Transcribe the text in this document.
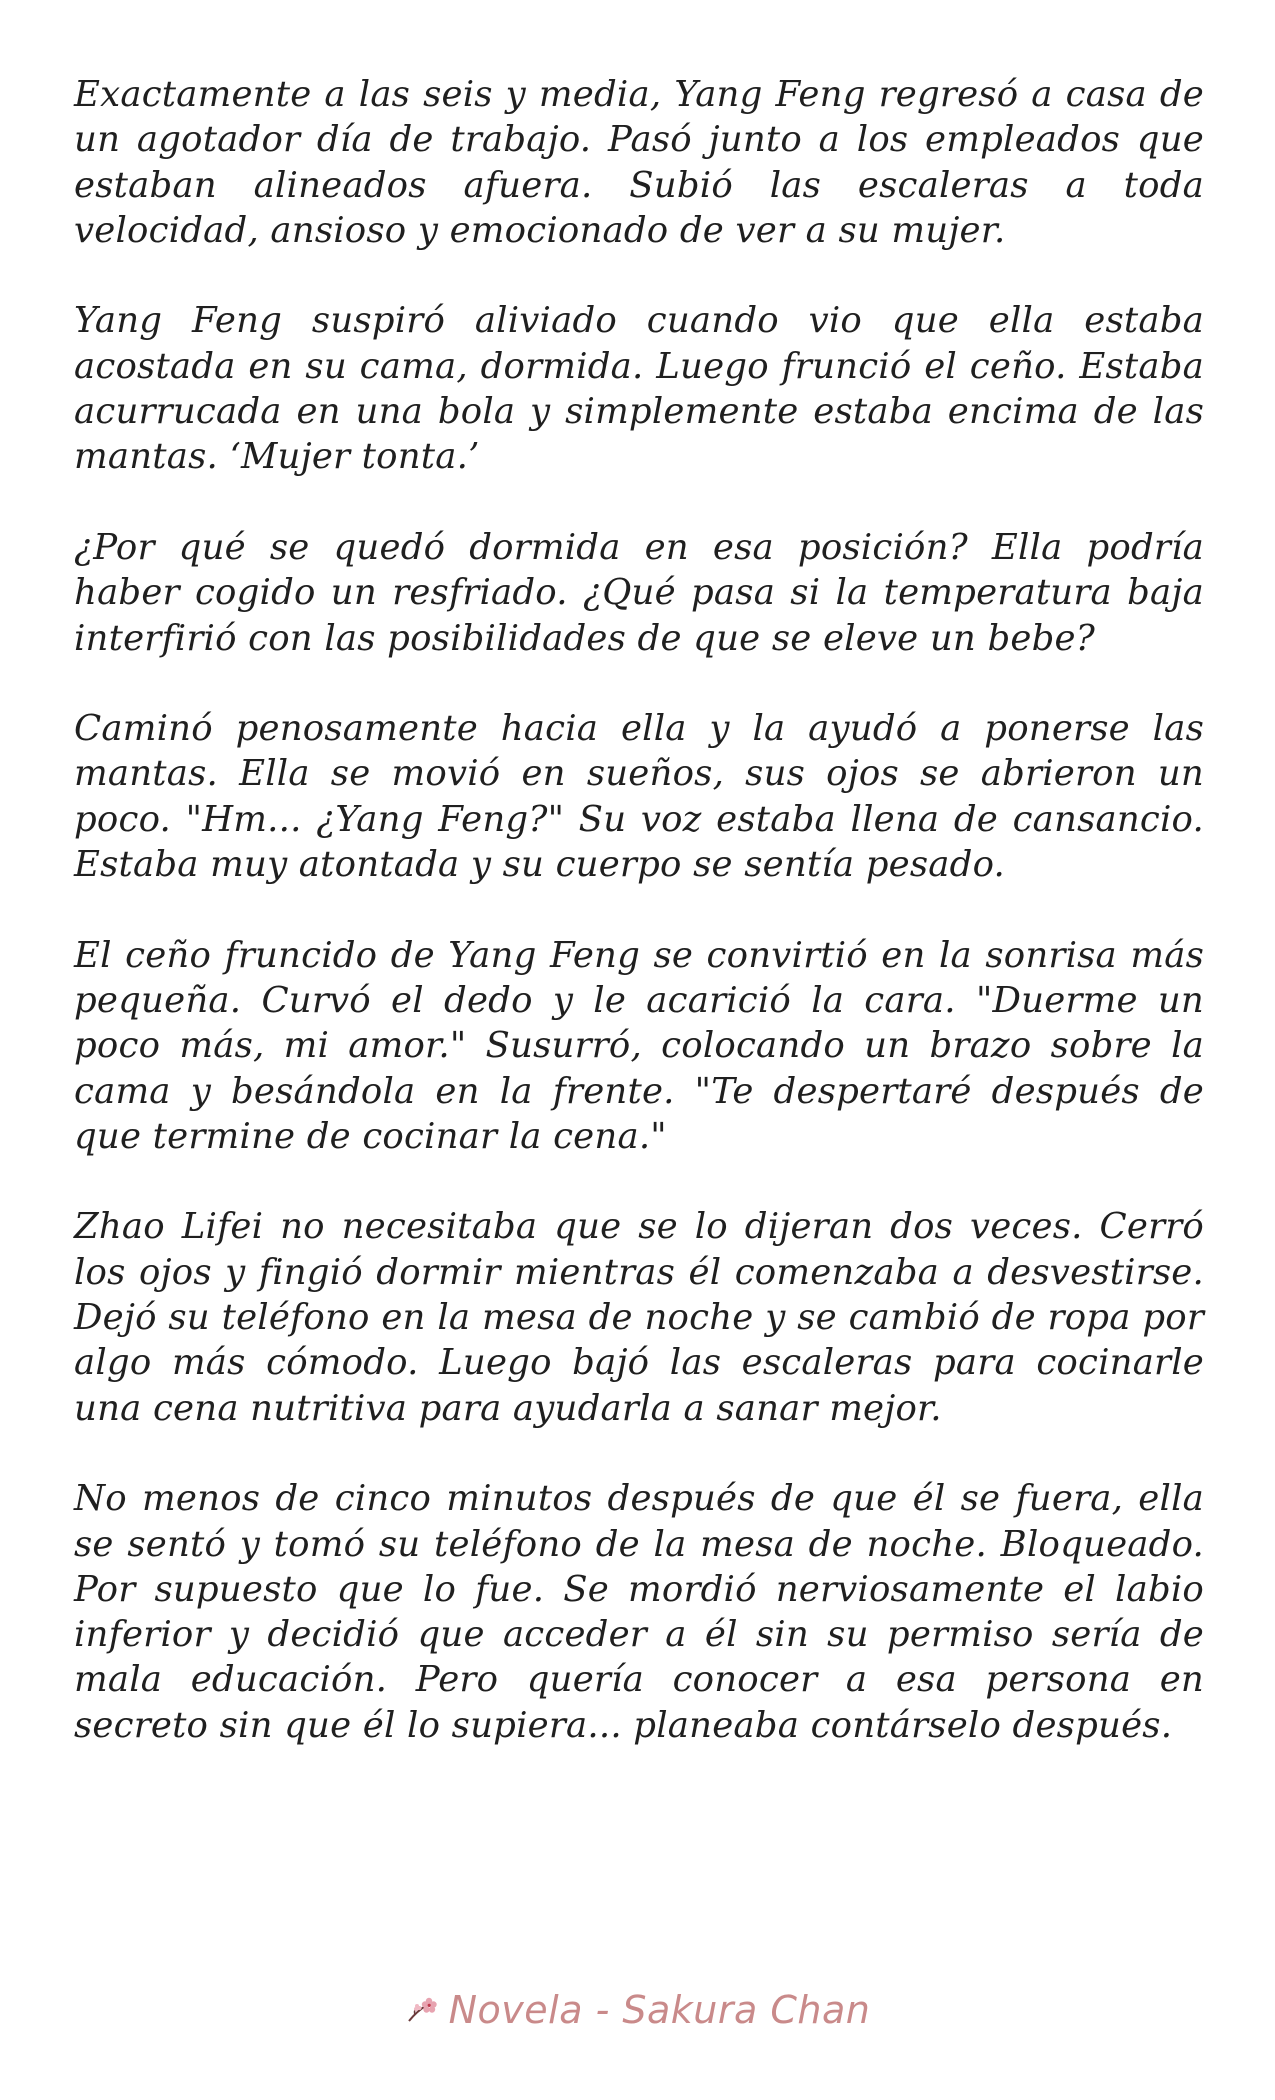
Exactamente a las seis y media, Yang Feng regresó a casa de un agotador día de trabajo. Pasó junto a los empleados que estaban alineados afuera. Subió las escaleras a toda velocidad, ansioso y emocionado de ver a su mujer.

Yang Feng suspiró aliviado cuando vio que ella estaba acostada en su cama, dormida. Luego frunció el ceño. Estaba acurrucada en una bola y simplemente estaba encima de las mantas. ‘Mujer tonta.’

¿Por qué se quedó dormida en esa posición? Ella podría haber cogido un resfriado. ¿Qué pasa si la temperatura baja interfirió con las posibilidades de que se eleve un bebe?

Caminó penosamente hacia ella y la ayudó a ponerse las mantas. Ella se movió en sueños, sus ojos se abrieron un poco. "Hm... ¿Yang Feng?" Su voz estaba llena de cansancio. Estaba muy atontada y su cuerpo se sentía pesado.

El ceño fruncido de Yang Feng se convirtió en la sonrisa más pequeña. Curvó el dedo y le acarició la cara. "Duerme un poco más, mi amor." Susurró, colocando un brazo sobre la cama y besándola en la frente. "Te despertaré después de que termine de cocinar la cena."

Zhao Lifei no necesitaba que se lo dijeran dos veces. Cerró los ojos y fingió dormir mientras él comenzaba a desvestirse. Dejó su teléfono en la mesa de noche y se cambió de ropa por algo más cómodo. Luego bajó las escaleras para cocinarle una cena nutritiva para ayudarla a sanar mejor.

No menos de cinco minutos después de que él se fuera, ella se sentó y tomó su teléfono de la mesa de noche. Bloqueado. Por supuesto que lo fue. Se mordió nerviosamente el labio inferior y decidió que acceder a él sin su permiso sería de mala educación. Pero quería conocer a esa persona en secreto sin que él lo supiera... planeaba contárselo después.

Novela - Sakura Chan
